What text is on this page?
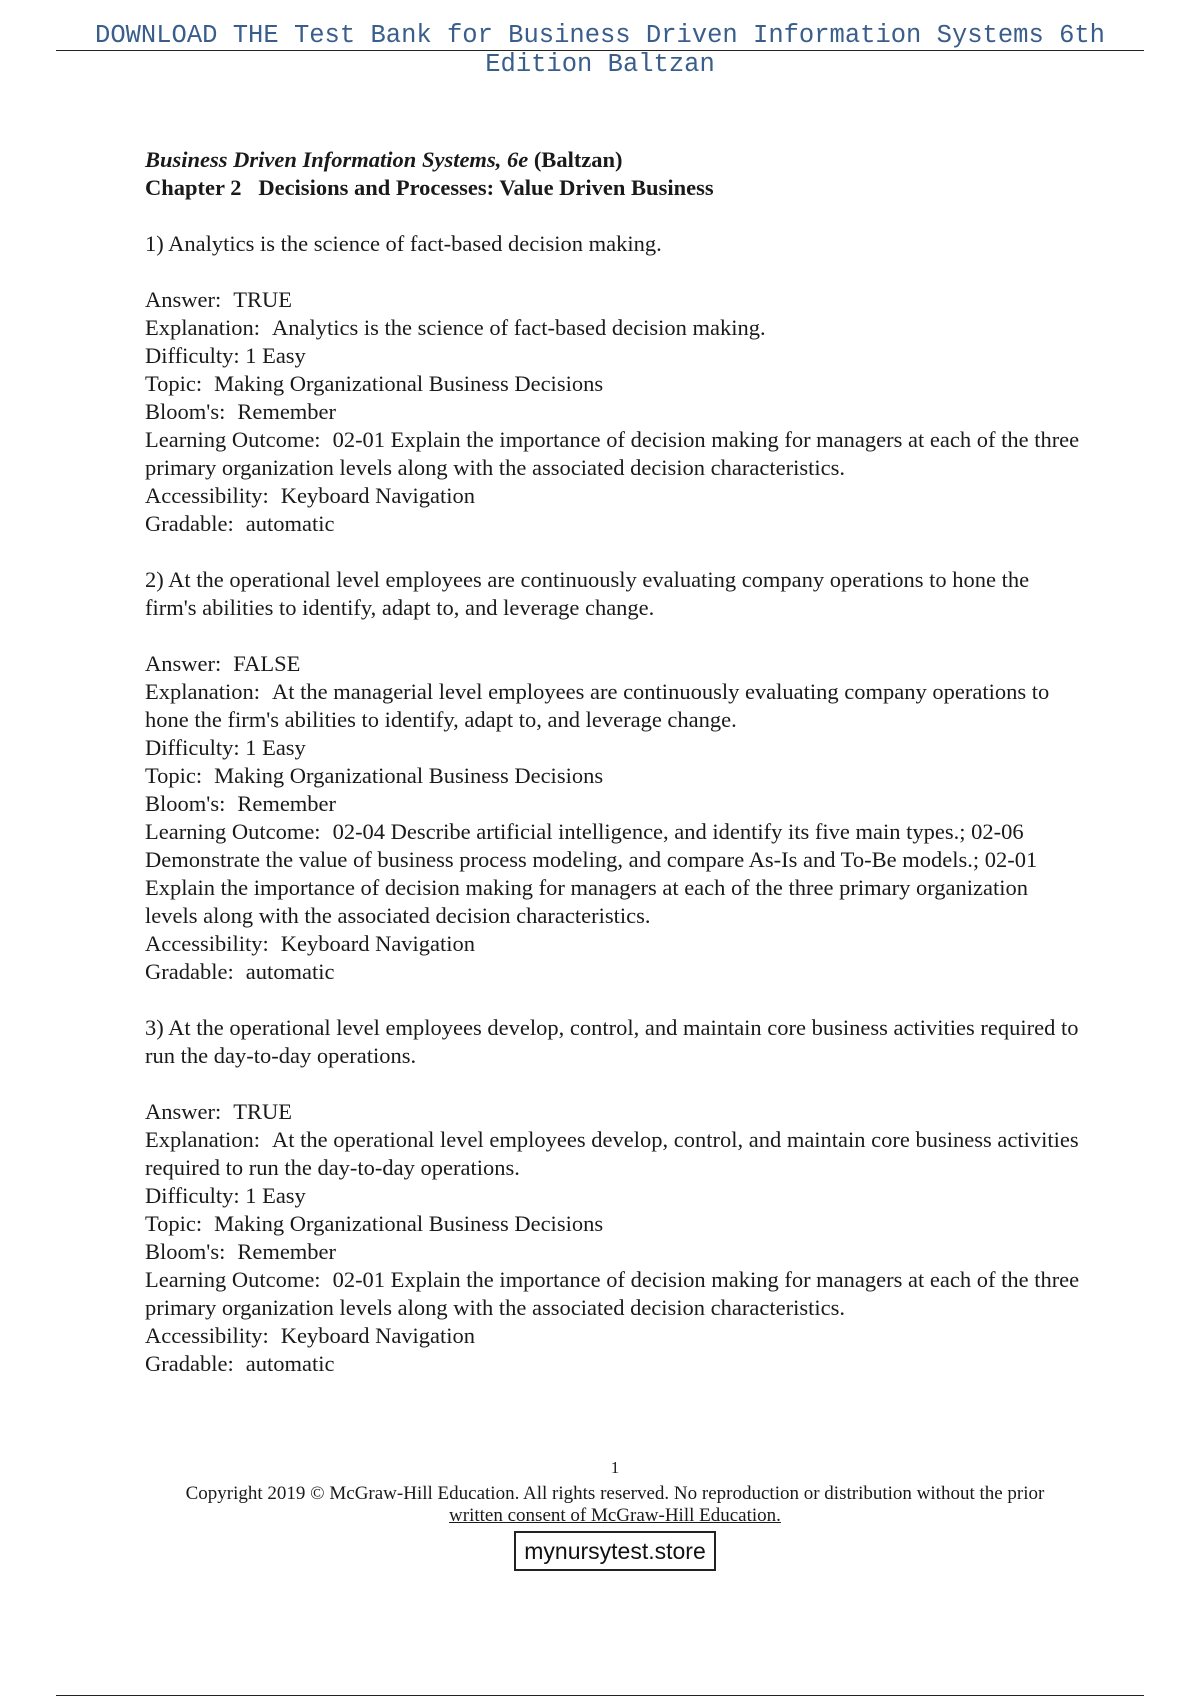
DOWNLOAD THE Test Bank for Business Driven Information Systems 6th
Edition Baltzan
Business Driven Information Systems, 6e (Baltzan)
Chapter 2   Decisions and Processes: Value Driven Business
1) Analytics is the science of fact-based decision making.
Answer: TRUE
Explanation: Analytics is the science of fact-based decision making.
Difficulty: 1 Easy
Topic: Making Organizational Business Decisions
Bloom's: Remember
Learning Outcome: 02-01 Explain the importance of decision making for managers at each of the three primary organization levels along with the associated decision characteristics.
Accessibility: Keyboard Navigation
Gradable: automatic
2) At the operational level employees are continuously evaluating company operations to hone the firm's abilities to identify, adapt to, and leverage change.
Answer: FALSE
Explanation: At the managerial level employees are continuously evaluating company operations to hone the firm's abilities to identify, adapt to, and leverage change.
Difficulty: 1 Easy
Topic: Making Organizational Business Decisions
Bloom's: Remember
Learning Outcome: 02-04 Describe artificial intelligence, and identify its five main types.; 02-06 Demonstrate the value of business process modeling, and compare As-Is and To-Be models.; 02-01 Explain the importance of decision making for managers at each of the three primary organization levels along with the associated decision characteristics.
Accessibility: Keyboard Navigation
Gradable: automatic
3) At the operational level employees develop, control, and maintain core business activities required to run the day-to-day operations.
Answer: TRUE
Explanation: At the operational level employees develop, control, and maintain core business activities required to run the day-to-day operations.
Difficulty: 1 Easy
Topic: Making Organizational Business Decisions
Bloom's: Remember
Learning Outcome: 02-01 Explain the importance of decision making for managers at each of the three primary organization levels along with the associated decision characteristics.
Accessibility: Keyboard Navigation
Gradable: automatic
1
Copyright 2019 © McGraw-Hill Education. All rights reserved. No reproduction or distribution without the prior
written consent of McGraw-Hill Education.
mynursytest.store
